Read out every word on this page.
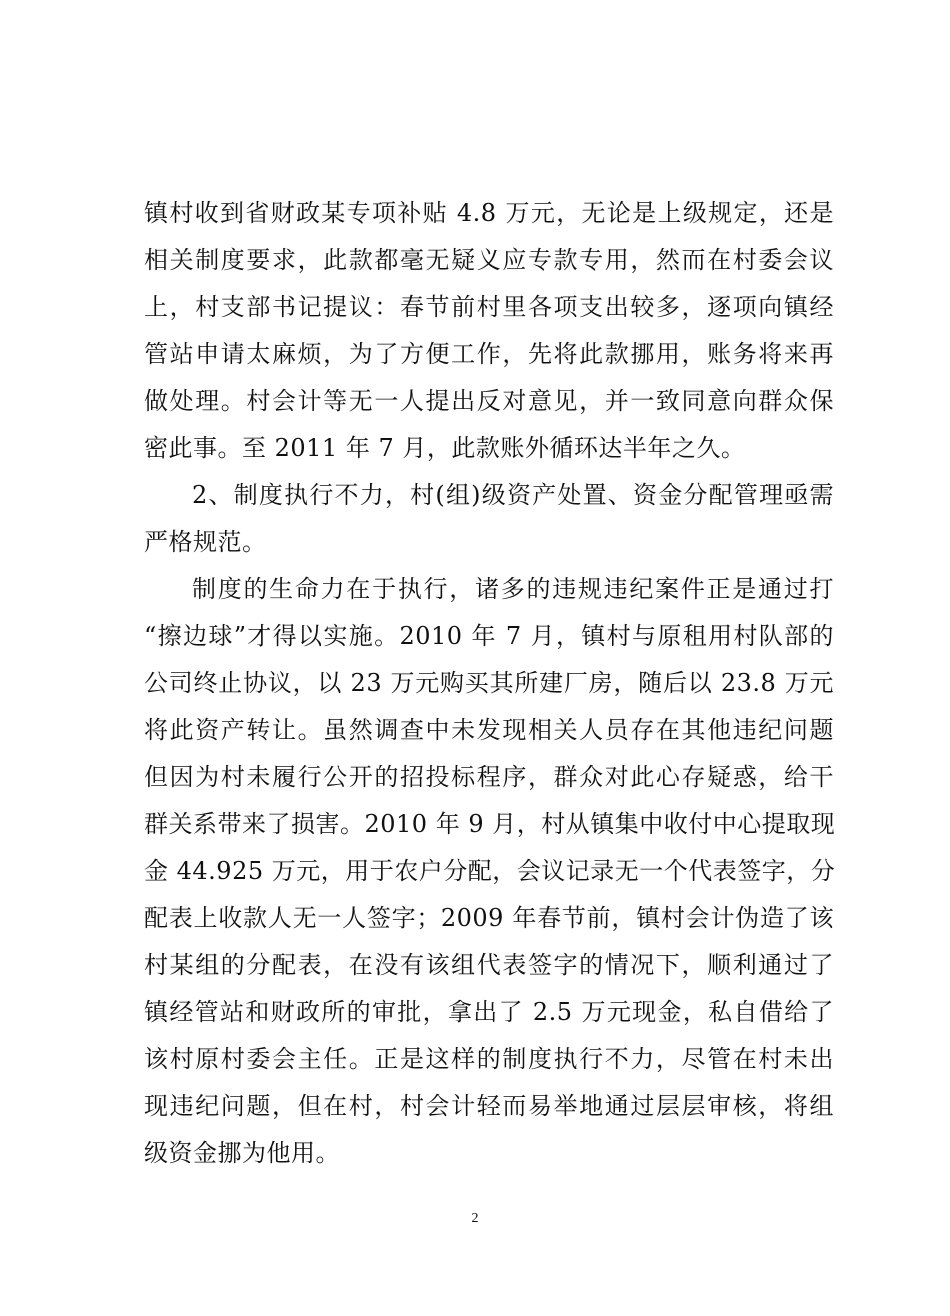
镇村收到省财政某专项补贴 4.8 万元，无论是上级规定，还是
相关制度要求，此款都毫无疑义应专款专用，然而在村委会议
上，村支部书记提议：春节前村里各项支出较多，逐项向镇经
管站申请太麻烦，为了方便工作，先将此款挪用，账务将来再
做处理。村会计等无一人提出反对意见，并一致同意向群众保
密此事。至 2011 年 7 月，此款账外循环达半年之久。
2、制度执行不力，村(组)级资产处置、资金分配管理亟需
严格规范。
制度的生命力在于执行，诸多的违规违纪案件正是通过打
“擦边球”才得以实施。2010 年 7 月，镇村与原租用村队部的
公司终止协议，以 23 万元购买其所建厂房，随后以 23.8 万元
将此资产转让。虽然调查中未发现相关人员存在其他违纪问题
但因为村未履行公开的招投标程序，群众对此心存疑惑，给干
群关系带来了损害。2010 年 9 月，村从镇集中收付中心提取现
金 44.925 万元，用于农户分配，会议记录无一个代表签字，分
配表上收款人无一人签字；2009 年春节前，镇村会计伪造了该
村某组的分配表，在没有该组代表签字的情况下，顺利通过了
镇经管站和财政所的审批，拿出了 2.5 万元现金，私自借给了
该村原村委会主任。正是这样的制度执行不力，尽管在村未出
现违纪问题，但在村，村会计轻而易举地通过层层审核，将组
级资金挪为他用。
2
